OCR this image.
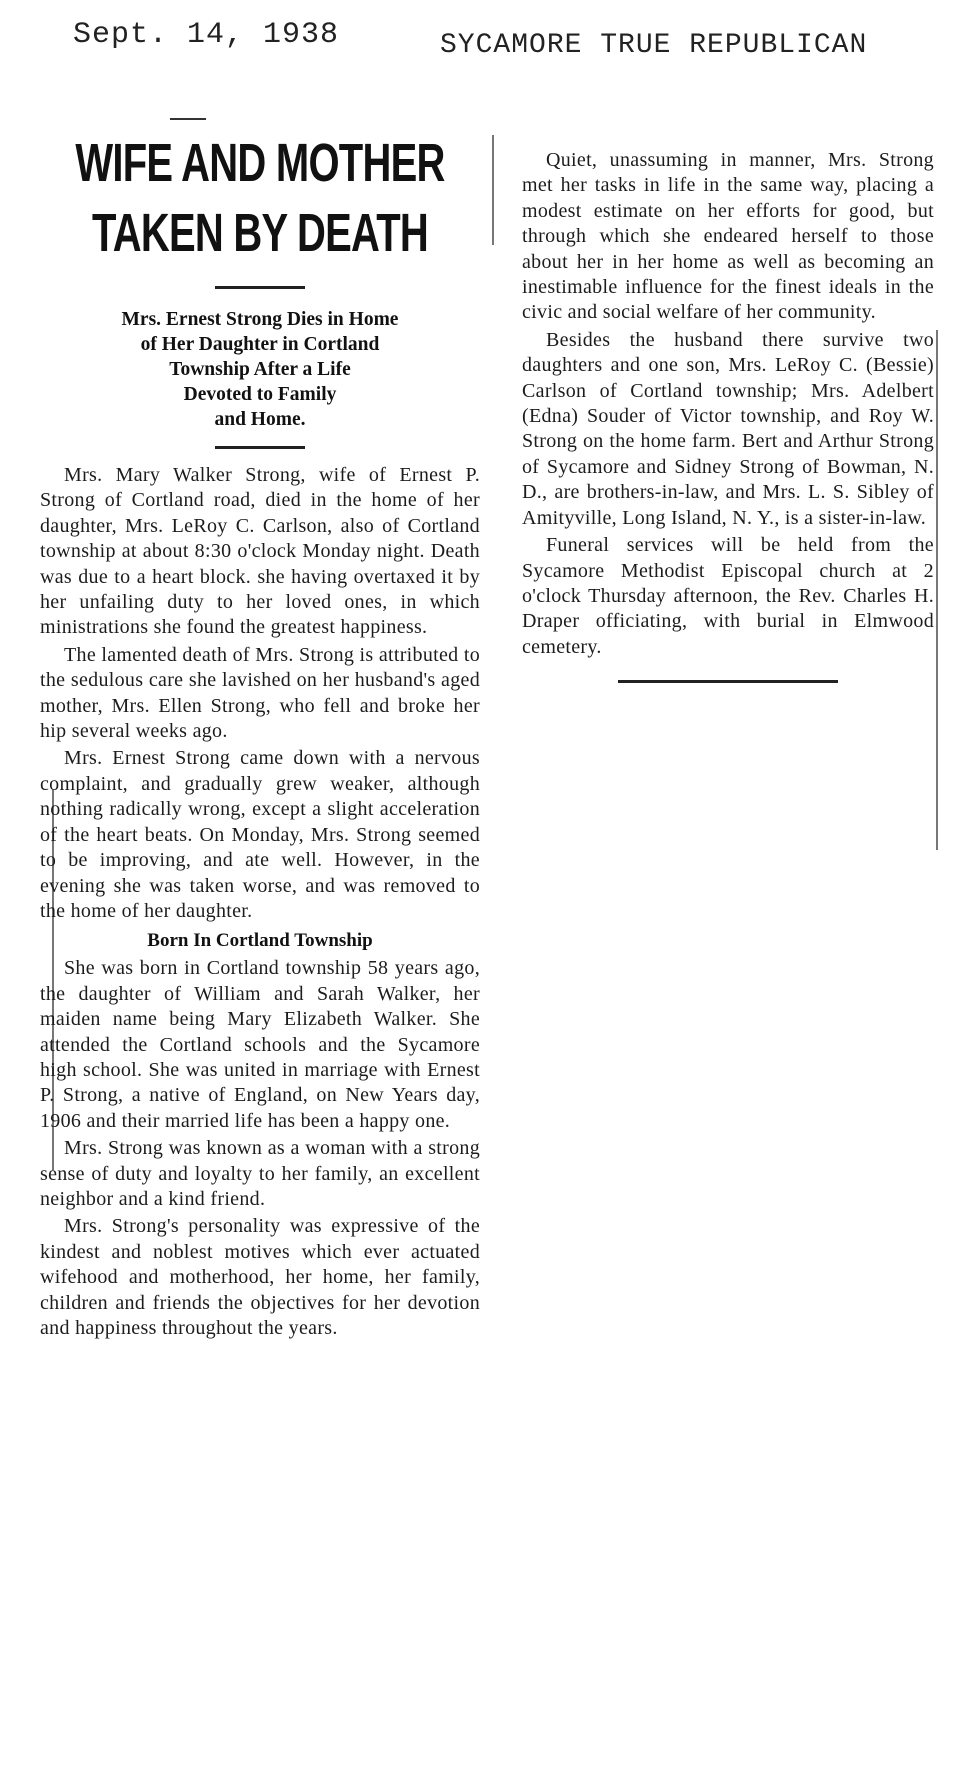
Sept. 14, 1938	SYCAMORE TRUE REPUBLICAN
WIFE AND MOTHER
TAKEN BY DEATH
Mrs. Ernest Strong Dies in Home
of Her Daughter in Cortland
Township After a Life
Devoted to Family
and Home.

Mrs. Mary Walker Strong, wife of Ernest P. Strong of Cortland road, died in the home of her daughter, Mrs. LeRoy C. Carlson, also of Cortland township at about 8:30 o'clock Monday night. Death was due to a heart block. she having overtaxed it by her unfailing duty to her loved ones, in which ministrations she found the greatest happiness.

The lamented death of Mrs. Strong is attributed to the sedulous care she lavished on her husband's aged mother, Mrs. Ellen Strong, who fell and broke her hip several weeks ago.

Mrs. Ernest Strong came down with a nervous complaint, and gradually grew weaker, although nothing radically wrong, except a slight acceleration of the heart beats. On Monday, Mrs. Strong seemed to be improving, and ate well. However, in the evening she was taken worse, and was removed to the home of her daughter.

Born In Cortland Township

She was born in Cortland township 58 years ago, the daughter of William and Sarah Walker, her maiden name being Mary Elizabeth Walker. She attended the Cortland schools and the Sycamore high school. She was united in marriage with Ernest P. Strong, a native of England, on New Years day, 1906 and their married life has been a happy one.

Mrs. Strong was known as a woman with a strong sense of duty and loyalty to her family, an excellent neighbor and a kind friend.

Mrs. Strong's personality was expressive of the kindest and noblest motives which ever actuated wifehood and motherhood, her home, her family, children and friends the objectives for her devotion and happiness throughout the years.

Quiet, unassuming in manner, Mrs. Strong met her tasks in life in the same way, placing a modest estimate on her efforts for good, but through which she endeared herself to those about her in her home as well as becoming an inestimable influence for the finest ideals in the civic and social welfare of her community.

Besides the husband there survive two daughters and one son, Mrs. LeRoy C. (Bessie) Carlson of Cortland township; Mrs. Adelbert (Edna) Souder of Victor township, and Roy W. Strong on the home farm. Bert and Arthur Strong of Sycamore and Sidney Strong of Bowman, N. D., are brothers-in-law, and Mrs. L. S. Sibley of Amityville, Long Island, N. Y., is a sister-in-law.

Funeral services will be held from the Sycamore Methodist Episcopal church at 2 o'clock Thursday afternoon, the Rev. Charles H. Draper officiating, with burial in Elmwood cemetery.
